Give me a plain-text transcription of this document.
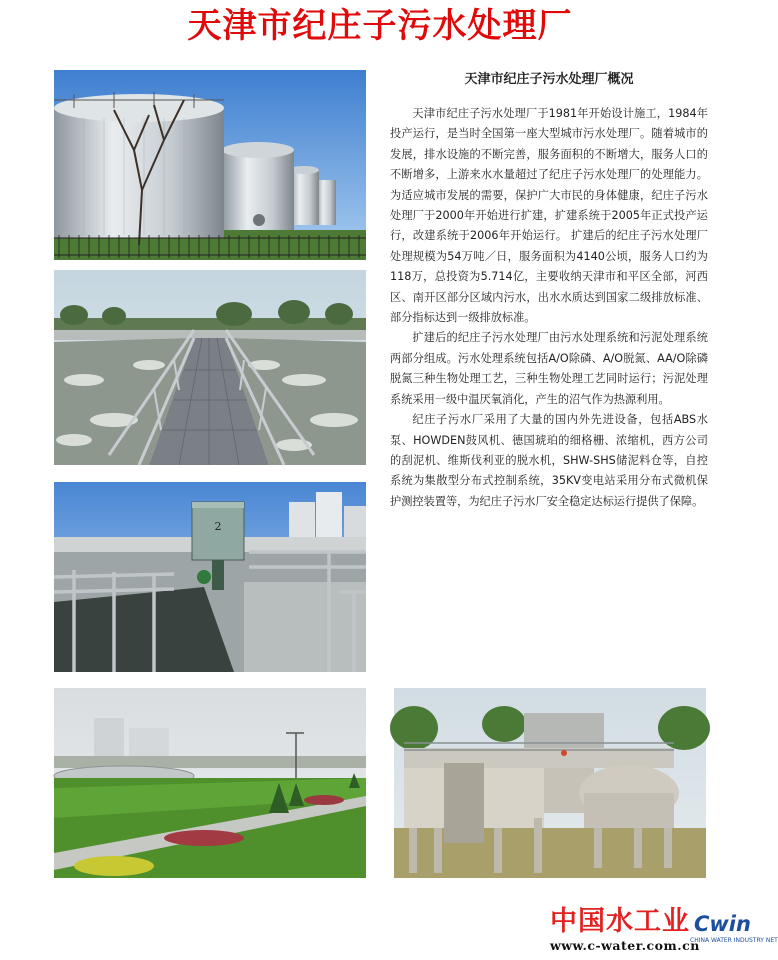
天津市纪庄子污水处理厂
2
天津市纪庄子污水处理厂概况

天津市纪庄子污水处理厂于1981年开始设计施工，1984年投产运行，是当时全国第一座大型城市污水处理厂。随着城市的发展，排水设施的不断完善，服务面积的不断增大，服务人口的不断增多，上游来水水量超过了纪庄子污水处理厂的处理能力。为适应城市发展的需要，保护广大市民的身体健康，纪庄子污水处理厂于2000年开始进行扩建，扩建系统于2005年正式投产运行，改建系统于2006年开始运行。 扩建后的纪庄子污水处理厂处理规模为54万吨／日，服务面积为4140公顷，服务人口约为118万，总投资为5.714亿，主要收纳天津市和平区全部，河西区、南开区部分区域内污水，出水水质达到国家二级排放标准、部分指标达到一级排放标准。

扩建后的纪庄子污水处理厂由污水处理系统和污泥处理系统两部分组成。污水处理系统包括A/O除磷、A/O脱氮、AA/O除磷脱氮三种生物处理工艺，三种生物处理工艺同时运行；污泥处理系统采用一级中温厌氧消化，产生的沼气作为热源利用。

纪庄子污水厂采用了大量的国内外先进设备，包括ABS水泵、HOWDEN鼓风机、德国琥珀的细格栅、浓缩机，西方公司的刮泥机、维斯伐利亚的脱水机，SHW-SHS储泥料仓等，自控系统为集散型分布式控制系统，35KV变电站采用分布式微机保护测控装置等，为纪庄子污水厂安全稳定达标运行提供了保障。

中国水工业 Cwin
CHINA WATER INDUSTRY NET
www.c-water.com.cn
